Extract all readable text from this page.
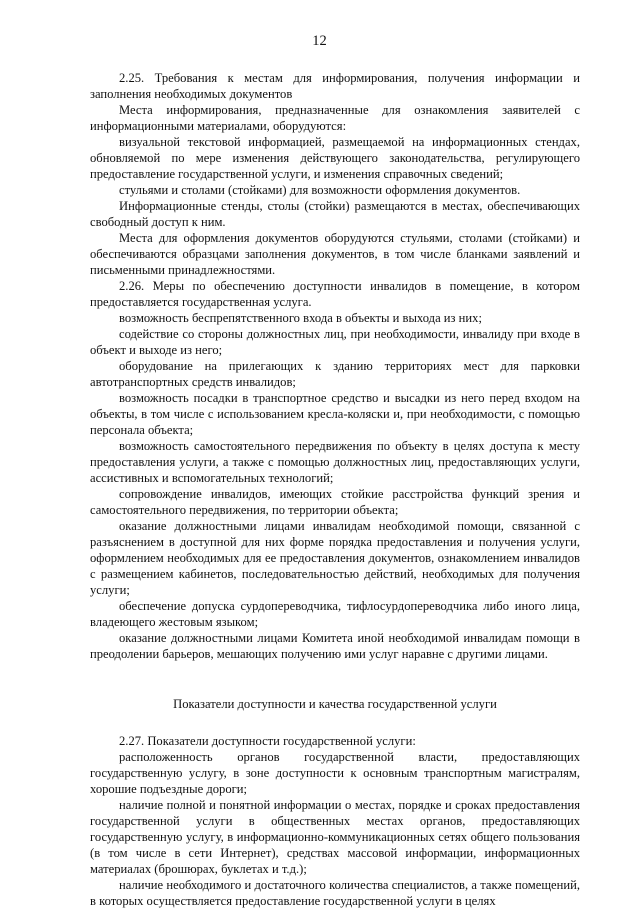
12

2.25. Требования к местам для информирования, получения информации и заполнения необходимых документов

Места информирования, предназначенные для ознакомления заявителей с информационными материалами, оборудуются:

визуальной текстовой информацией, размещаемой на информационных стендах, обновляемой по мере изменения действующего законодательства, регулирующего предоставление государственной услуги, и изменения справочных сведений;

стульями и столами (стойками) для возможности оформления документов.

Информационные стенды, столы (стойки) размещаются в местах, обеспечивающих свободный доступ к ним.

Места для оформления документов оборудуются стульями, столами (стойками) и обеспечиваются образцами заполнения документов, в том числе бланками заявлений и письменными принадлежностями.

2.26. Меры по обеспечению доступности инвалидов в помещение, в котором предоставляется государственная услуга.

возможность беспрепятственного входа в объекты и выхода из них;

содействие со стороны должностных лиц, при необходимости, инвалиду при входе в объект и выходе из него;

оборудование на прилегающих к зданию территориях мест для парковки автотранспортных средств инвалидов;

возможность посадки в транспортное средство и высадки из него перед входом на объекты, в том числе с использованием кресла-коляски и, при необходимости, с помощью персонала объекта;

возможность самостоятельного передвижения по объекту в целях доступа к месту предоставления услуги, а также с помощью должностных лиц, предоставляющих услуги, ассистивных и вспомогательных технологий;

сопровождение инвалидов, имеющих стойкие расстройства функций зрения и самостоятельного передвижения, по территории объекта;

оказание должностными лицами инвалидам необходимой помощи, связанной с разъяснением в доступной для них форме порядка предоставления и получения услуги, оформлением необходимых для ее предоставления документов, ознакомлением инвалидов с размещением кабинетов, последовательностью действий, необходимых для получения услуги;

обеспечение допуска сурдопереводчика, тифлосурдопереводчика либо иного лица, владеющего жестовым языком;

оказание должностными лицами Комитета иной необходимой инвалидам помощи в преодолении барьеров, мешающих получению ими услуг наравне с другими лицами.

Показатели доступности и качества государственной услуги

2.27. Показатели доступности государственной услуги:

расположенность органов государственной власти, предоставляющих государственную услугу, в зоне доступности к основным транспортным магистралям, хорошие подъездные дороги;

наличие полной и понятной информации о местах, порядке и сроках предоставления государственной услуги в общественных местах органов, предоставляющих государственную услугу, в информационно-коммуникационных сетях общего пользования (в том числе в сети Интернет), средствах массовой информации, информационных материалах (брошюрах, буклетах и т.д.);

наличие необходимого и достаточного количества специалистов, а также помещений, в которых осуществляется предоставление государственной услуги в целях
